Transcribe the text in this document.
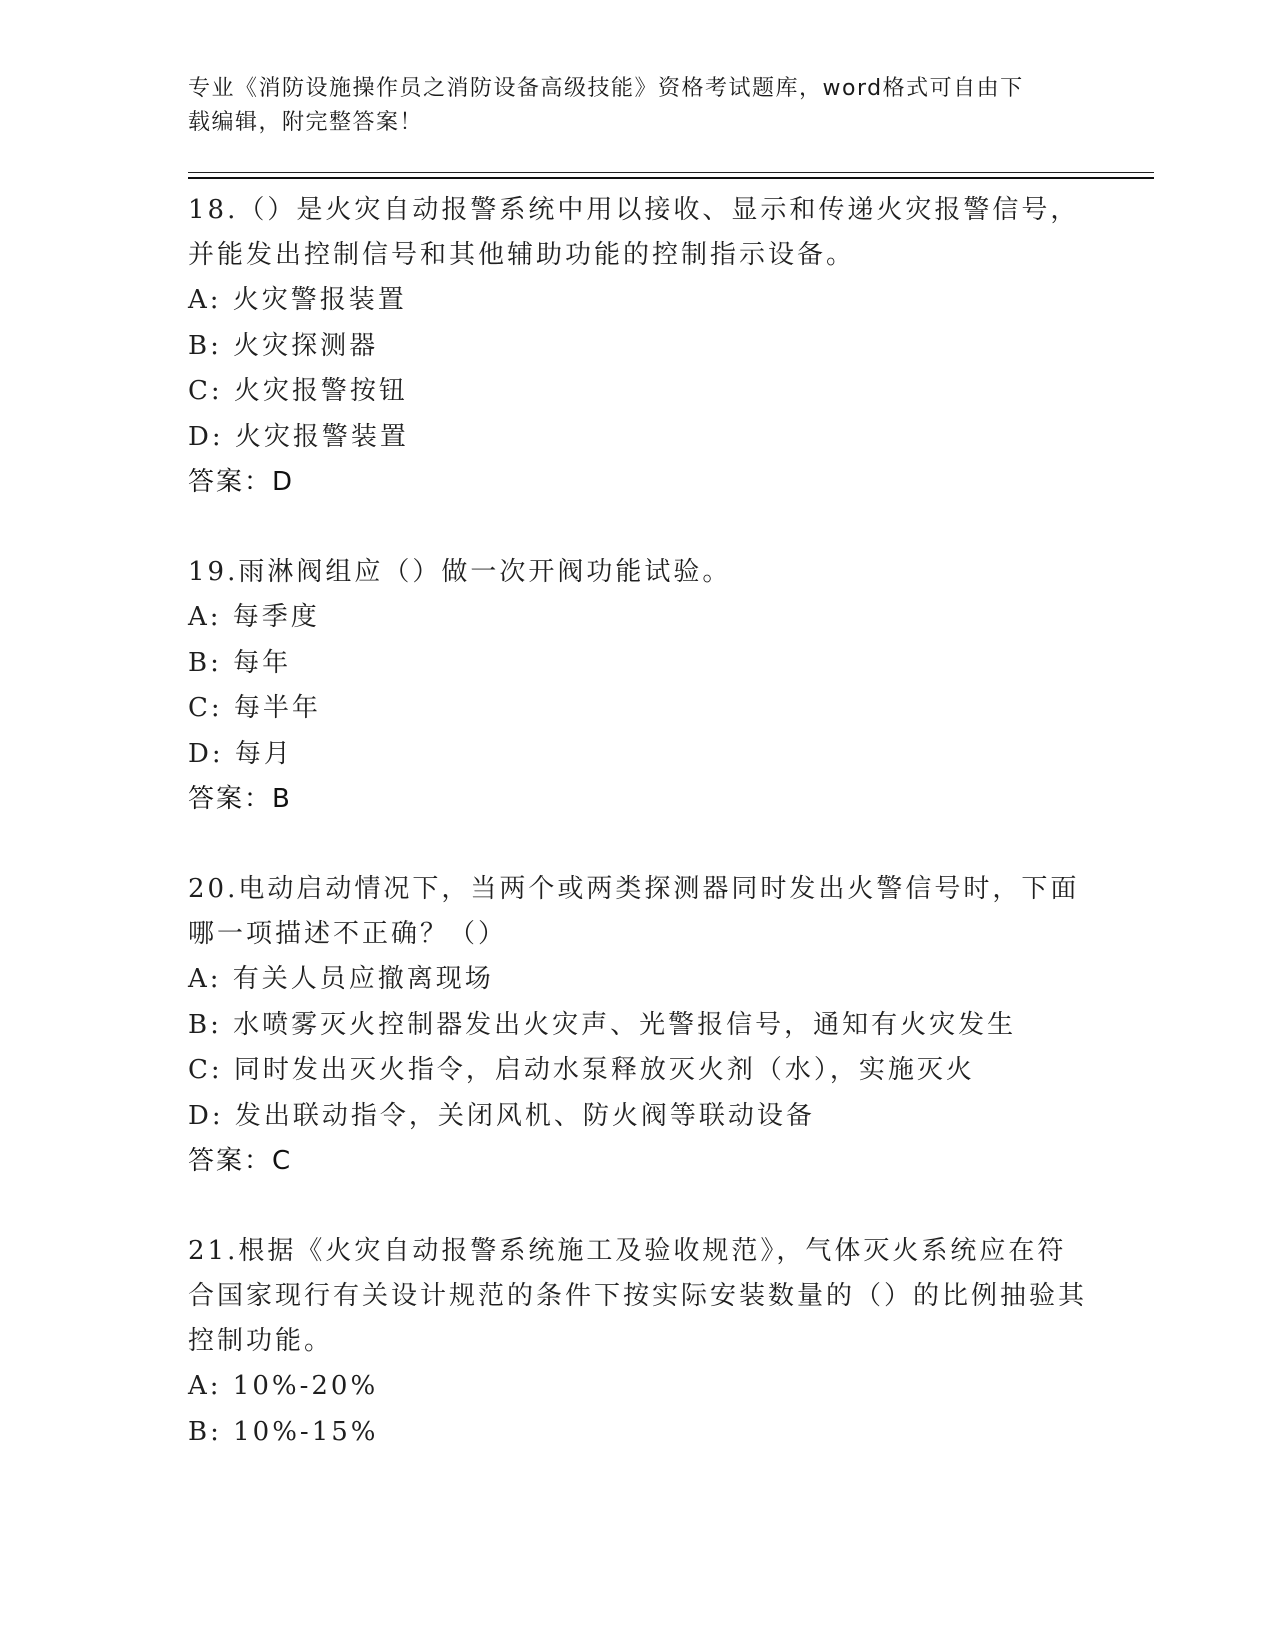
专业《消防设施操作员之消防设备高级技能》资格考试题库，word格式可自由下
载编辑，附完整答案！

18.（）是火灾自动报警系统中用以接收、显示和传递火灾报警信号，并能发出控制信号和其他辅助功能的控制指示设备。

A: 火灾警报装置

B: 火灾探测器

C: 火灾报警按钮

D: 火灾报警装置

答案：D

19.雨淋阀组应（）做一次开阀功能试验。

A: 每季度

B: 每年

C: 每半年

D: 每月

答案：B

20.电动启动情况下，当两个或两类探测器同时发出火警信号时，下面哪一项描述不正确？（）

A: 有关人员应撤离现场

B: 水喷雾灭火控制器发出火灾声、光警报信号，通知有火灾发生

C: 同时发出灭火指令，启动水泵释放灭火剂（水），实施灭火

D: 发出联动指令，关闭风机、防火阀等联动设备

答案：C

21.根据《火灾自动报警系统施工及验收规范》，气体灭火系统应在符合国家现行有关设计规范的条件下按实际安装数量的（）的比例抽验其控制功能。

A: 10%-20%

B: 10%-15%
